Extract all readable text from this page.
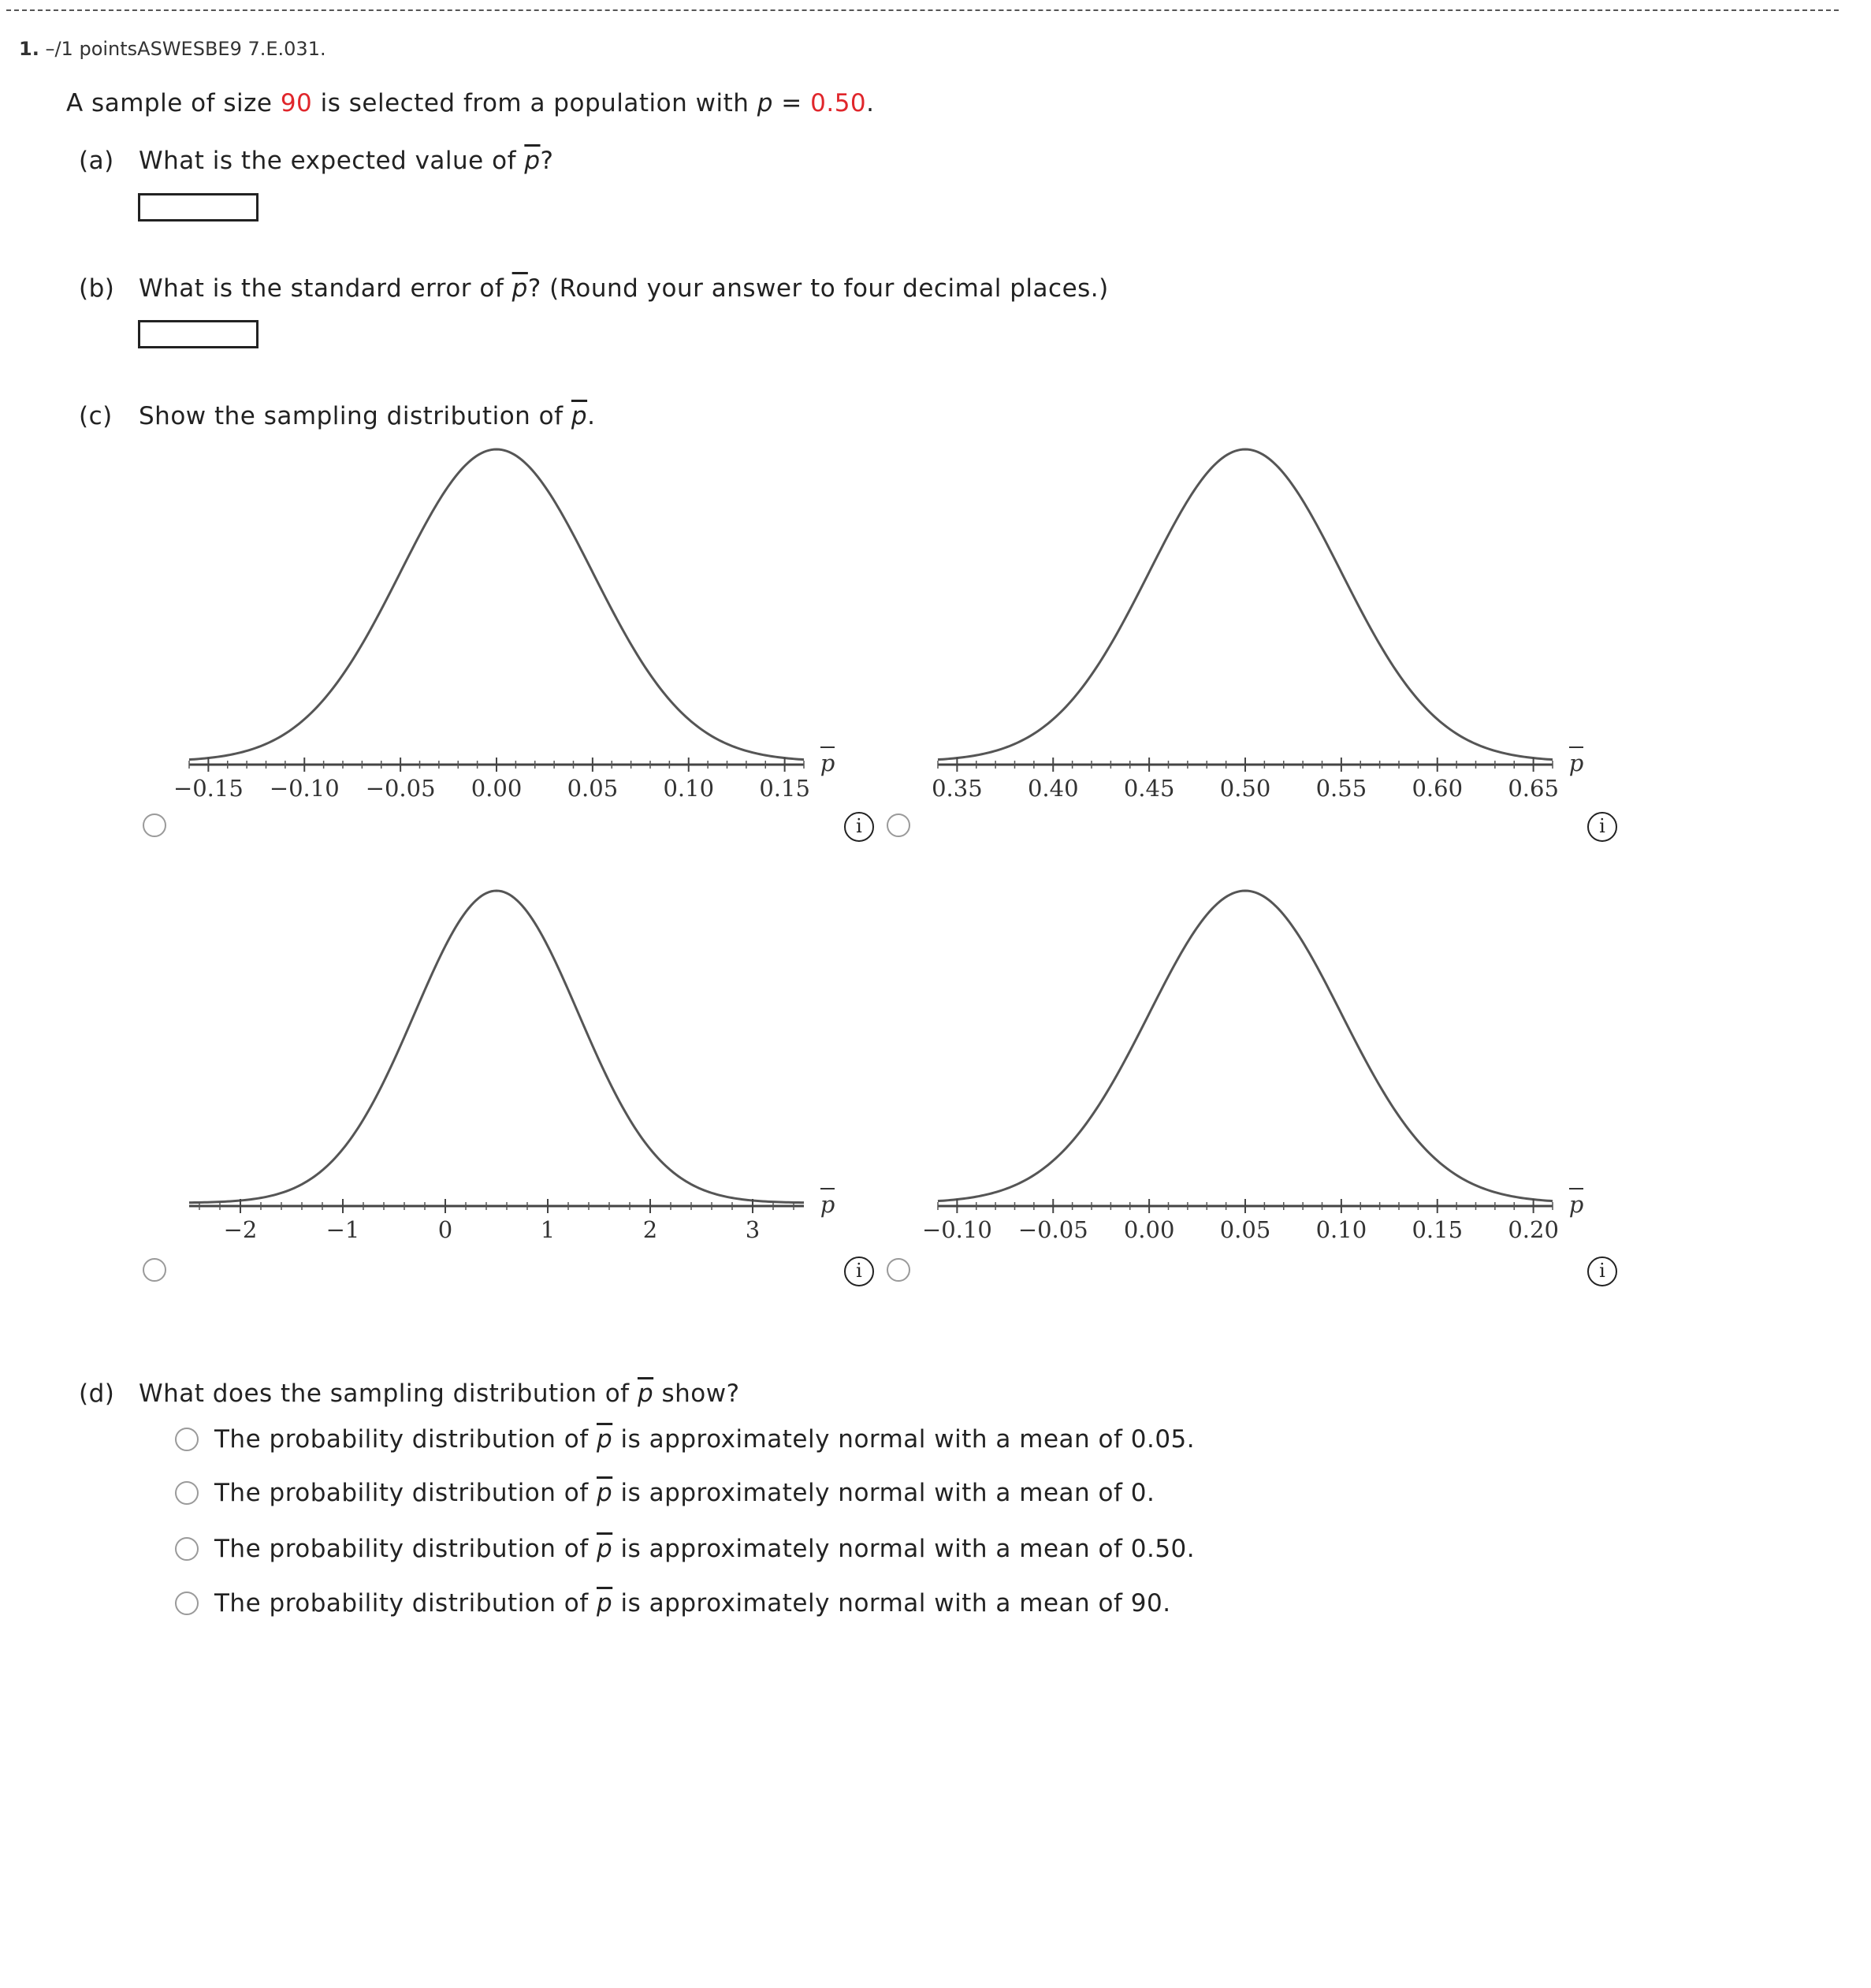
1. –/1 pointsASWESBE9 7.E.031.
A sample of size 90 is selected from a population with p = 0.50.
(a) What is the expected value of $\overline{p}$?
(b) What is the standard error of $\overline{p}$? (Round your answer to four decimal places.)
(c) Show the sampling distribution of $\overline{p}$.
−0.15 −0.10 −0.05 0.00 0.05 0.10 0.15
p
0.35 0.40 0.45 0.50 0.55 0.60 0.65
p
−2	−1	0	1	2	3
p
−0.10 −0.05 0.00 0.05 0.10 0.15 0.20
p
i	i
i	i
(d) What does the sampling distribution of $\overline{p}$ show?
The probability distribution of $\overline{p}$ is approximately normal with a mean of 0.05.
The probability distribution of $\overline{p}$ is approximately normal with a mean of 0.
The probability distribution of $\overline{p}$ is approximately normal with a mean of 0.50.
The probability distribution of $\overline{p}$ is approximately normal with a mean of 90.
